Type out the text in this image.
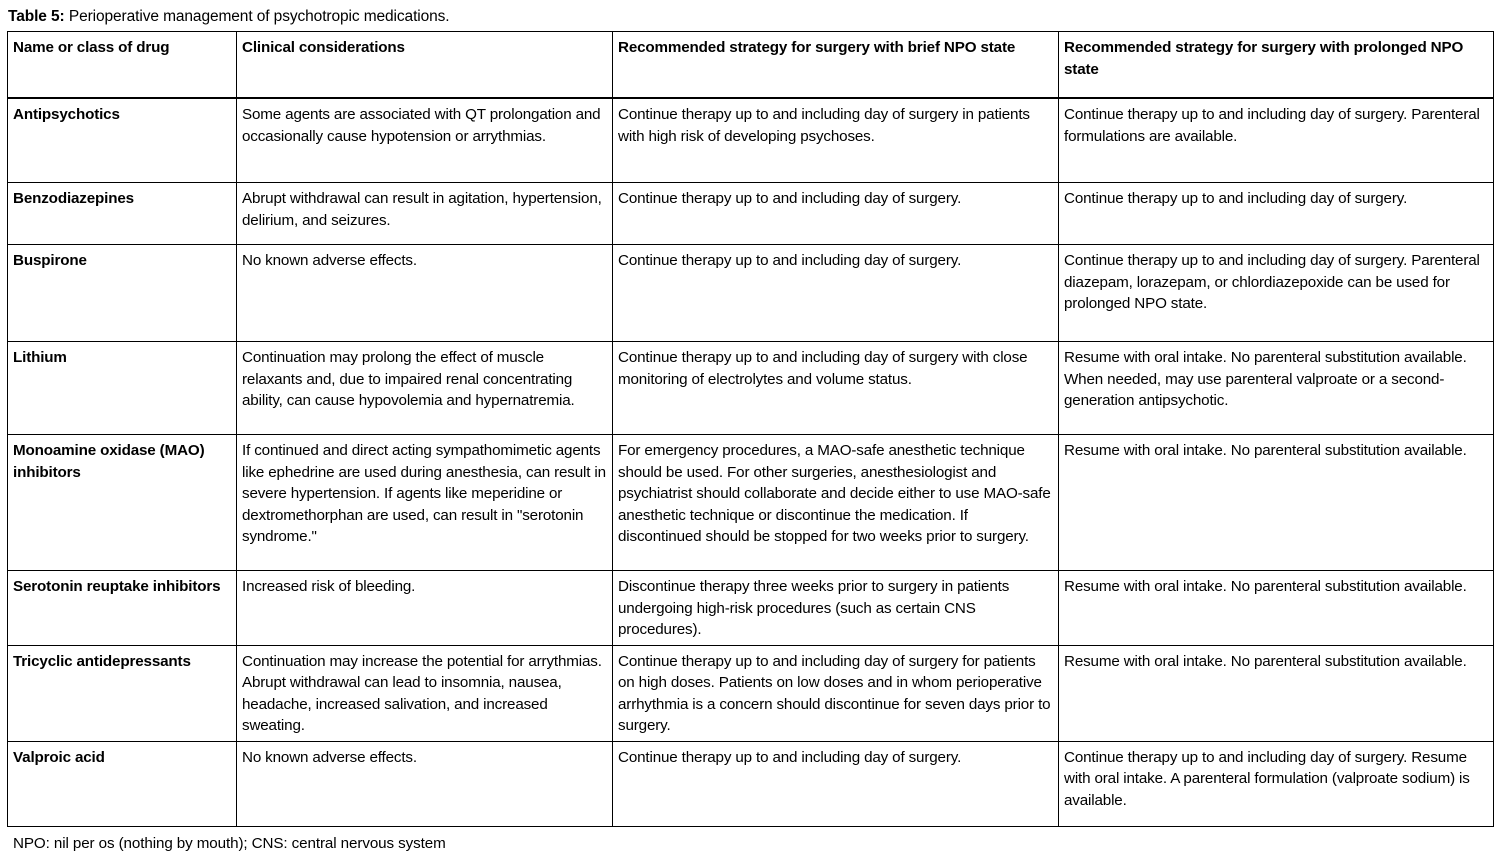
Table 5: Perioperative management of psychotropic medications.
Name or class of drug	Clinical considerations	Recommended strategy for surgery with brief NPO state	Recommended strategy for surgery with prolonged NPO state
Antipsychotics	Some agents are associated with QT prolongation and occasionally cause hypotension or arrythmias.	Continue therapy up to and including day of surgery in patients with high risk of developing psychoses.	Continue therapy up to and including day of surgery. Parenteral formulations are available.
Benzodiazepines	Abrupt withdrawal can result in agitation, hypertension, delirium, and seizures.	Continue therapy up to and including day of surgery.	Continue therapy up to and including day of surgery.
Buspirone	No known adverse effects.	Continue therapy up to and including day of surgery.	Continue therapy up to and including day of surgery. Parenteral diazepam, lorazepam, or chlordiazepoxide can be used for prolonged NPO state.
Lithium	Continuation may prolong the effect of muscle relaxants and, due to impaired renal concentrating ability, can cause hypovolemia and hypernatremia.	Continue therapy up to and including day of surgery with close monitoring of electrolytes and volume status.	Resume with oral intake. No parenteral substitution available. When needed, may use parenteral valproate or a second-generation antipsychotic.
Monoamine oxidase (MAO) inhibitors	If continued and direct acting sympathomimetic agents like ephedrine are used during anesthesia, can result in severe hypertension. If agents like meperidine or dextromethorphan are used, can result in "serotonin syndrome."	For emergency procedures, a MAO-safe anesthetic technique should be used. For other surgeries, anesthesiologist and psychiatrist should collaborate and decide either to use MAO-safe anesthetic technique or discontinue the medication. If discontinued should be stopped for two weeks prior to surgery.	Resume with oral intake. No parenteral substitution available.
Serotonin reuptake inhibitors	Increased risk of bleeding.	Discontinue therapy three weeks prior to surgery in patients undergoing high-risk procedures (such as certain CNS procedures).	Resume with oral intake. No parenteral substitution available.
Tricyclic antidepressants	Continuation may increase the potential for arrythmias. Abrupt withdrawal can lead to insomnia, nausea, headache, increased salivation, and increased sweating.	Continue therapy up to and including day of surgery for patients on high doses. Patients on low doses and in whom perioperative arrhythmia is a concern should discontinue for seven days prior to surgery.	Resume with oral intake. No parenteral substitution available.
Valproic acid	No known adverse effects.	Continue therapy up to and including day of surgery.	Continue therapy up to and including day of surgery. Resume with oral intake. A parenteral formulation (valproate sodium) is available.
NPO: nil per os (nothing by mouth); CNS: central nervous system
